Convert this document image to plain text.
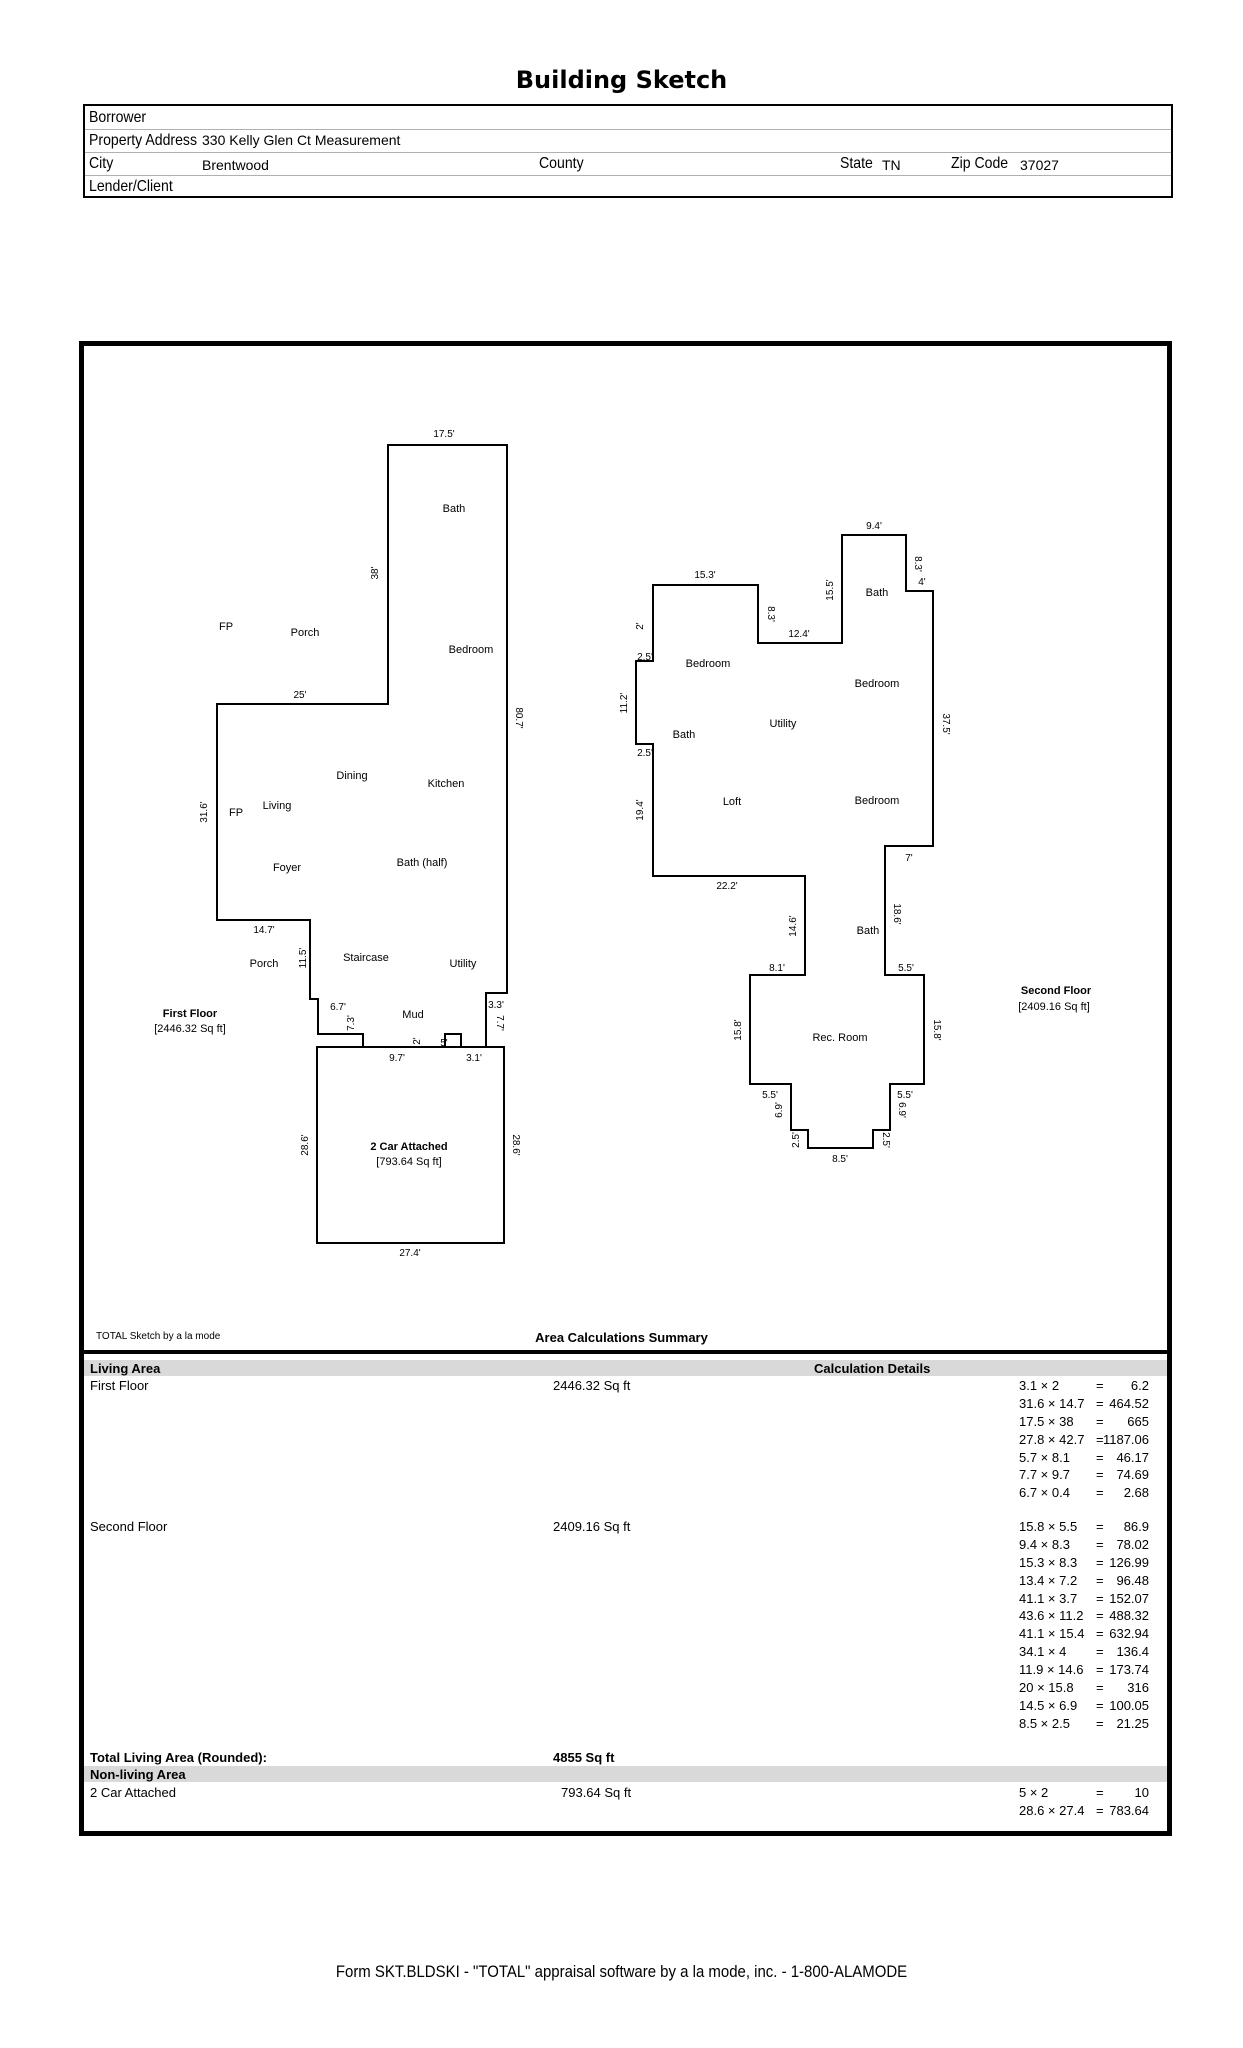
Building Sketch
Borrower
Property Address 330 Kelly Glen Ct Measurement
City	Brentwood	County	State TN	Zip Code 37027
Lender/Client
17.5'
38'
25'
80.7'
31.6'
14.7'
11.5'
6.7'
7.3'
2' 5'
3.3'
7.7'
9.7'	3.1'
28.6'	28.6'
27.4'
9.4'
8.3'
4'
15.3'
15.5'
8.3'
12.4'
2'
2.5'
11.2'
2.5'
19.4'
37.5'
7'
22.2'
18.6'
14.6'
8.1'	5.5'
15.8'	15.8'
5.5'	5.5'
6.9'	6.9'
2.5'	2.5'
8.5'
FP	Porch
Bath
Bedroom
Dining
Kitchen
FP
Living
Foyer	Bath (half)
Porch	Staircase	Utility
Mud
First Floor
[2446.32 Sq ft]
2 Car Attached
[793.64 Sq ft]
Bath
Bedroom
Bedroom
Utility
Bath
Loft	Bedroom
Bath
Rec. Room
Second Floor
[2409.16 Sq ft]
TOTAL Sketch by a la mode	Area Calculations Summary
Living Area	Calculation Details
First Floor	2446.32 Sq ft	3.1 × 2	= 6.2
31.6 × 14.7 = 464.52
17.5 × 38 = 665
27.8 × 42.7 = 1187.06
5.7 × 8.1 = 46.17
7.7 × 9.7 = 74.69
6.7 × 0.4 = 2.68
Second Floor	2409.16 Sq ft	15.8 × 5.5 = 86.9
9.4 × 8.3 = 78.02
15.3 × 8.3 = 126.99
13.4 × 7.2 = 96.48
41.1 × 3.7 = 152.07
43.6 × 11.2 = 488.32
41.1 × 15.4 = 632.94
34.1 × 4 = 136.4
11.9 × 14.6 = 173.74
20 × 15.8 = 316
14.5 × 6.9 = 100.05
8.5 × 2.5 = 21.25
Total Living Area (Rounded):	4855 Sq ft
Non-living Area
2 Car Attached	793.64 Sq ft	5 × 2	= 10
28.6 × 27.4 = 783.64
Form SKT.BLDSKI - "TOTAL" appraisal software by a la mode, inc. - 1-800-ALAMODE
